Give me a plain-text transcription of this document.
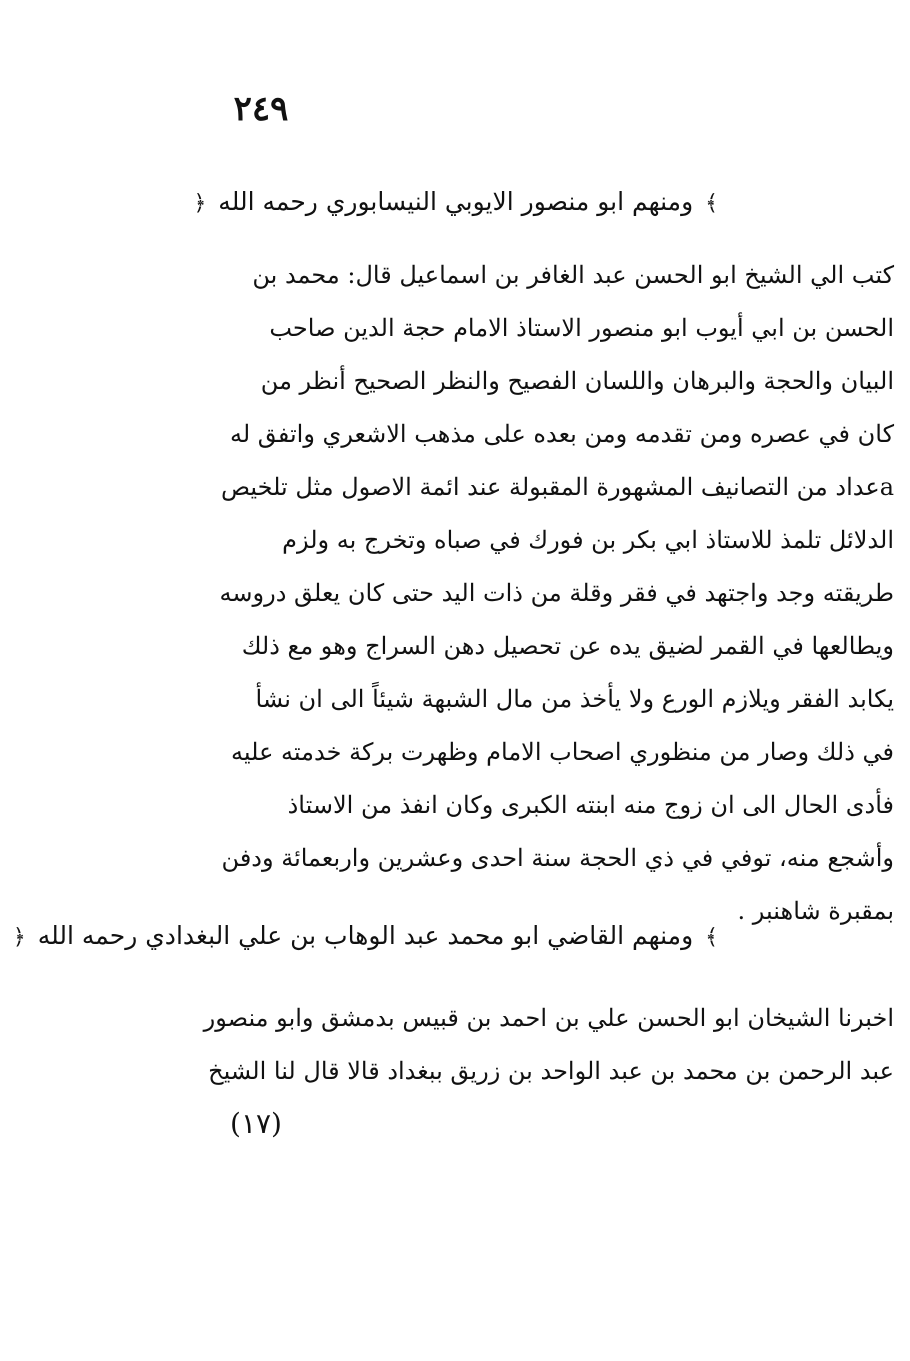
٢٤٩
﴾ ومنهم ابو منصور الايوبي النيسابوري رحمه الله ﴿
كتب الي الشيخ ابو الحسن عبد الغافر بن اسماعيل قال: محمد بن
الحسن بن ابي أيوب ابو منصور الاستاذ الامام حجة الدين صاحب
البيان والحجة والبرهان واللسان الفصيح والنظر الصحيح أنظر من
كان في عصره ومن تقدمه ومن بعده على مذهب الاشعري واتفق له
aعداد من التصانيف المشهورة المقبولة عند ائمة الاصول مثل تلخيص
الدلائل تلمذ للاستاذ ابي بكر بن فورك في صباه وتخرج به ولزم
طريقته وجد واجتهد في فقر وقلة من ذات اليد حتى كان يعلق دروسه
ويطالعها في القمر لضيق يده عن تحصيل دهن السراج وهو مع ذلك
يكابد الفقر ويلازم الورع ولا يأخذ من مال الشبهة شيئاً الى ان نشأ
في ذلك وصار من منظوري اصحاب الامام وظهرت بركة خدمته عليه
فأدى الحال الى ان زوج منه ابنته الكبرى وكان انفذ من الاستاذ
وأشجع منه، توفي في ذي الحجة سنة احدى وعشرين واربعمائة ودفن
بمقبرة شاهنبر .
﴾ ومنهم القاضي ابو محمد عبد الوهاب بن علي البغدادي رحمه الله ﴿
اخبرنا الشيخان ابو الحسن علي بن احمد بن قبيس بدمشق وابو منصور
عبد الرحمن بن محمد بن عبد الواحد بن زريق ببغداد قالا قال لنا الشيخ
(١٧)
